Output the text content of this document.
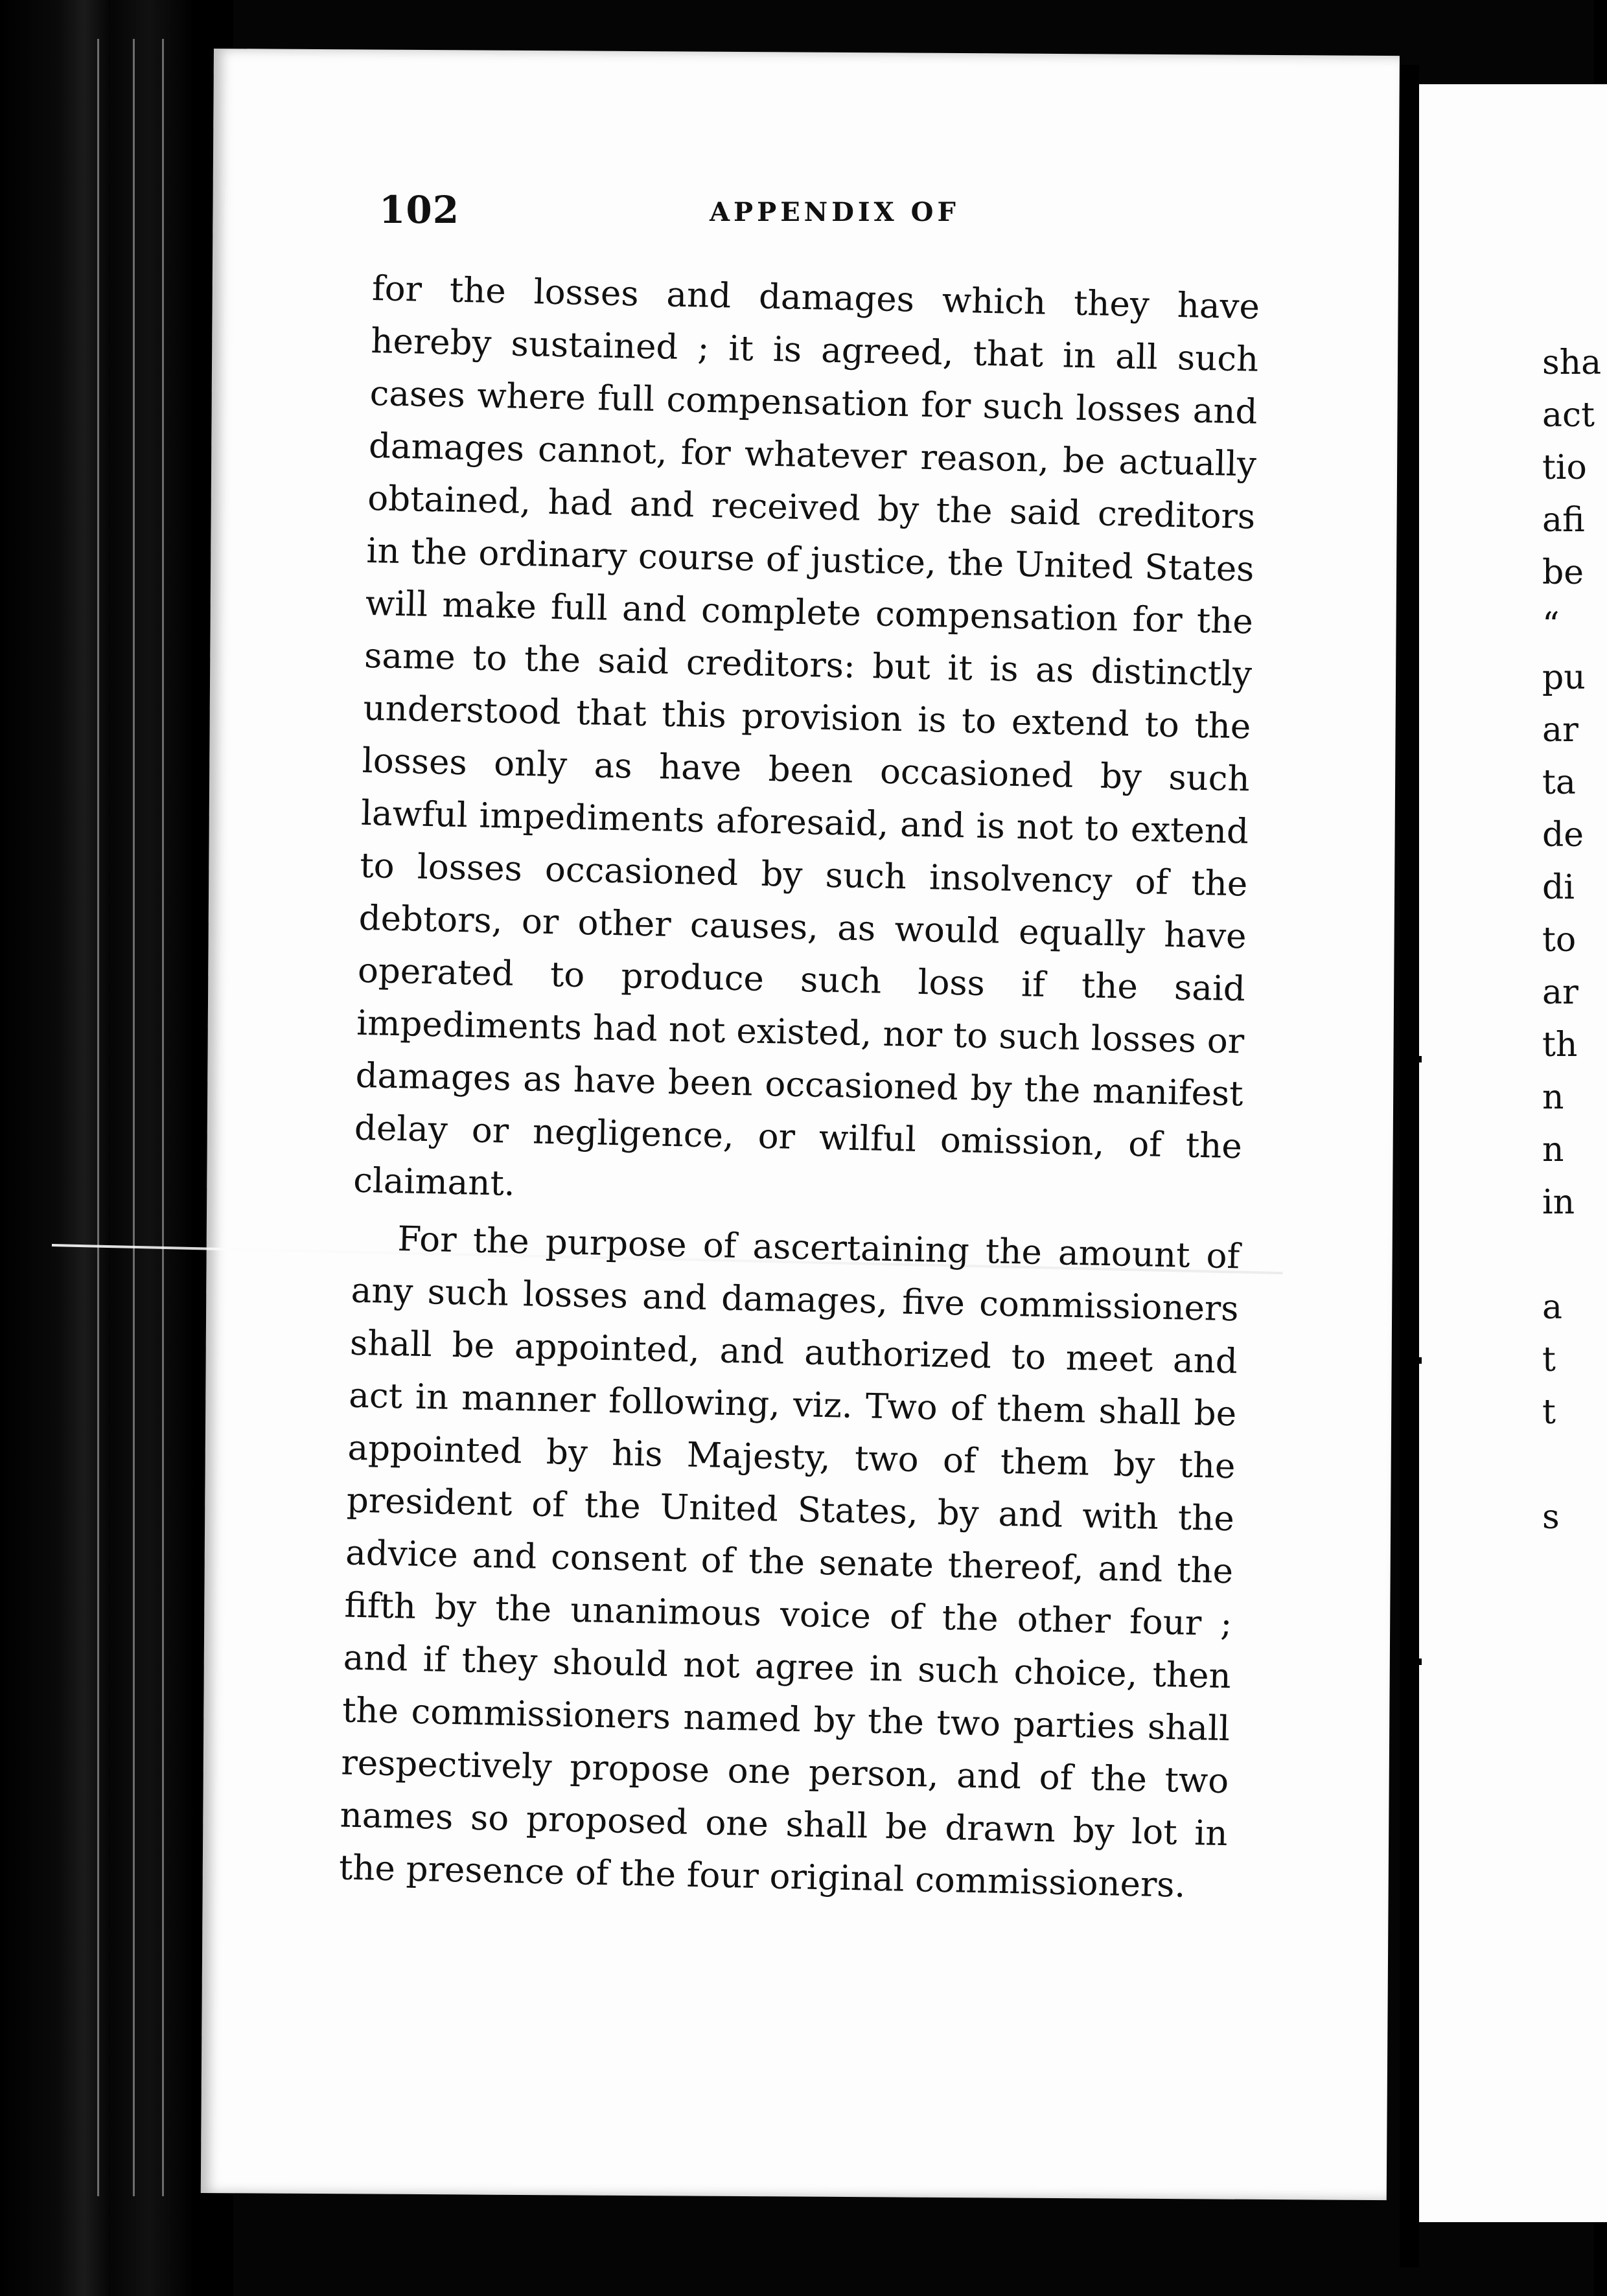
102	APPENDIX OF

for the losses and damages which they have hereby sustained ; it is agreed, that in all such cases where full compensation for such losses and damages cannot, for whatever reason, be actually obtained, had and received by the said creditors in the ordinary course of justice, the United States will make full and complete compensation for the same to the said creditors: but it is as distinctly understood that this provision is to extend to the losses only as have been occasioned by such lawful impediments aforesaid, and is not to extend to losses occasioned by such insolvency of the debtors, or other causes, as would equally have operated to produce such loss if the said impediments had not existed, nor to such losses or damages as have been occasioned by the manifest delay or negligence, or wilful omission, of the claimant.

For the purpose of ascertaining the amount of any such losses and damages, five commissioners shall be appointed, and authorized to meet and act in manner following, viz. Two of them shall be appointed by his Majesty, two of them by the president of the United States, by and with the advice and consent of the senate thereof, and the fifth by the unanimous voice of the other four ; and if they should not agree in such choice, then the commissioners named by the two parties shall respectively propose one person, and of the two names so proposed one shall be drawn by lot in the presence of the four original commissioners.

sha
act
tio
afi
be
“
pu
ar
ta
de
di
to
ar
th
n
n
in
a
t
t
s
